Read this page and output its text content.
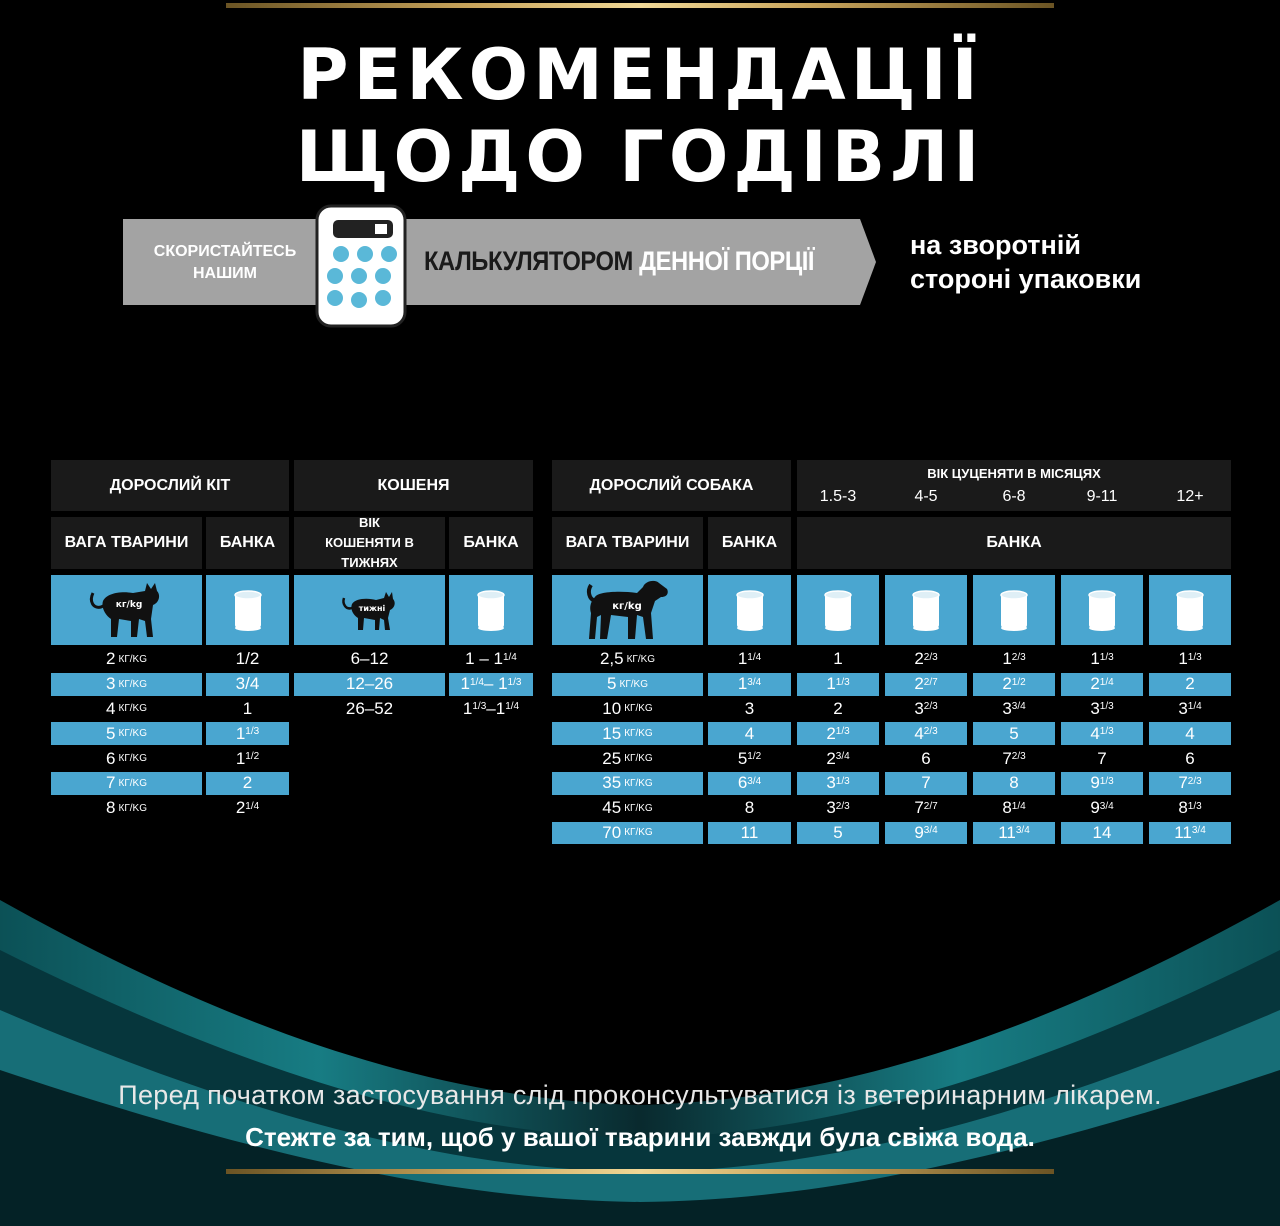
РЕКОМЕНДАЦІЇ
ЩОДО ГОДІВЛІ
СКОРИСТАЙТЕСЬ НАШИМ	КАЛЬКУЛЯТОРОМ ДЕННОЇ ПОРЦІЇ
на зворотній
стороні упаковки
ДОРОСЛИЙ КІТ	КОШЕНЯ
ВАГА ТВАРИНИ	БАНКА
ВІК КОШЕНЯТИ В ТИЖНЯХ
БАНКА
кг/kg	тижні
2 КГ/KG	1/2
3 КГ/KG	3/4
4 КГ/KG	1
5 КГ/KG	$1^{1/3}$
6 КГ/KG	$1^{1/2}$
7 КГ/KG	2
8 КГ/KG	$2^{1/4}$
6–12	$1 - 1^{1/4}$
12–26	$1^{1/4} - 1^{1/3}$
26–52	$1^{1/3}$ $-1^{1/4}$
ДОРОСЛИЙ СОБАКА
ВІК ЦУЦЕНЯТИ В МІСЯЦЯХ
1.5-3	4-5	6-8	9-11	12+
ВАГА ТВАРИНИ	БАНКА	БАНКА
кг/kg
2,5 КГ/KG	$1^{1/4}$	1	$2^{2/3}$	$1^{2/3}$	$1^{1/3}$	$1^{1/3}$
5 КГ/KG	$1^{3/4}$	$1^{1/3}$	$2^{2/7}$	$2^{1/2}$	$2^{1/4}$	2
10 КГ/KG	3	2	$3^{2/3}$	$3^{3/4}$	$3^{1/3}$	$3^{1/4}$
15 КГ/KG	4	$2^{1/3}$	$4^{2/3}$	5	$4^{1/3}$	4
25 КГ/KG	$5^{1/2}$	$2^{3/4}$	6	$7^{2/3}$	7	6
35 КГ/KG	$6^{3/4}$	$3^{1/3}$	7	8	$9^{1/3}$	$7^{2/3}$
45 КГ/KG	8	$3^{2/3}$	$7^{2/7}$	$8^{1/4}$	$9^{3/4}$	$8^{1/3}$
70 КГ/KG	11	5	$9^{3/4}$	$11^{3/4}$	14	$11^{3/4}$
Перед початком застосування слід проконсультуватися із ветеринарним лікарем.
Стежте за тим, щоб у вашої тварини завжди була свіжа вода.
